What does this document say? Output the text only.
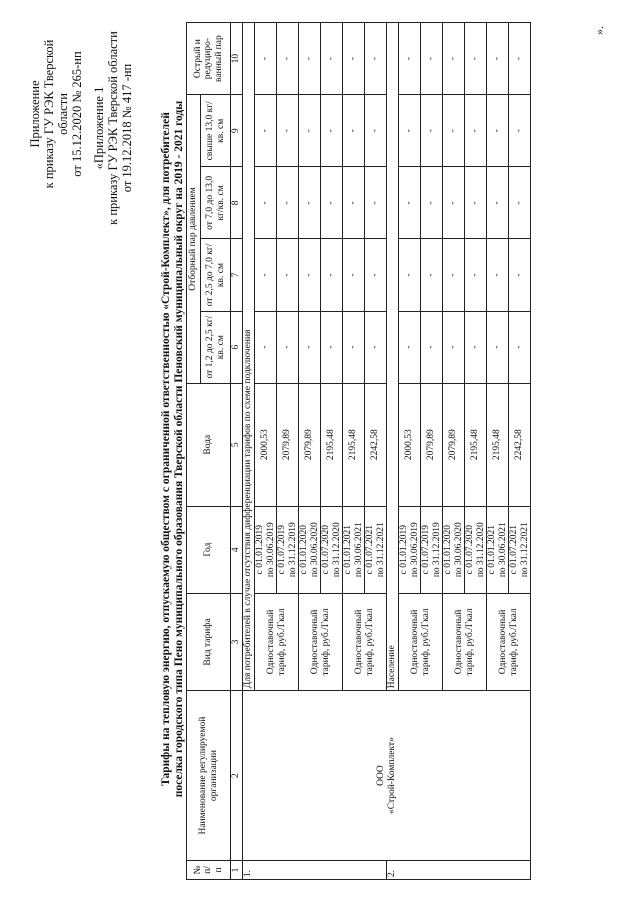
Приложение к приказу ГУ РЭК Тверской области от 15.12.2020 № 265-нп «Приложение 1 к приказу ГУ РЭК Тверской области от 19.12.2018 № 417 -нп Тарифы на тепловую энергию, отпускаемую обществом с ограниченной ответственностью «Строй-Комплект», для потребителей поселка городского типа Пено муниципального образования Тверской области Пеновский муниципальный округ на 2019 - 2021 годы
№ п/ п	Наименование регулируемой организации	Вид тарифа	Год	Вода	Отборный пар давлением				Острый и редуциро-ванный пар
					от 1,2 до 2,5 кг/кв. см	от 2,5 до 7,0 кг/кв. см	от 7,0 до 13,0 кг/кв. см	свыше 13,0 кг/кв. см	
1	2	3	4	5	6	7	8	9	10
1.	ООО «Строй-Комплект»	Для потребителей в случае отсутствия дифференциации тарифов по схеме подключения							
		Одноставочный тариф, руб./Гкал	с 01.01.2019 по 30.06.2019	2000,53	-	-	-	-	-

			с 01.07.2019 по 31.12.2019	2079,89	-	-	-	-	-
		Одноставочный тариф, руб./Гкал	с 01.01.2020 по 30.06.2020	2079,89	-	-	-	-	-

			с 01.07.2020 по 31.12.2020	2195,48	-	-	-	-	-
		Одноставочный тариф, руб./Гкал	с 01.01.2021 по 30.06.2021	2195,48	-	-	-	-	-

			с 01.07.2021 по 31.12.2021	2242,58	-	-	-	-	-
2.		Население							
		Одноставочный тариф, руб./Гкал	с 01.01.2019 по 30.06.2019	2000,53	-	-	-	-	-

			с 01.07.2019 по 31.12.2019	2079,89	-	-	-	-	-
		Одноставочный тариф, руб./Гкал	с 01.01.2020 по 30.06.2020	2079,89	-	-	-	-	-

			с 01.07.2020 по 31.12.2020	2195,48	-	-	-	-	-
		Одноставочный тариф, руб./Гкал	с 01.01.2021 по 30.06.2021	2195,48	-	-	-	-	-

			с 01.07.2021 по 31.12.2021	2242,58	-	-	-	-	-
».
